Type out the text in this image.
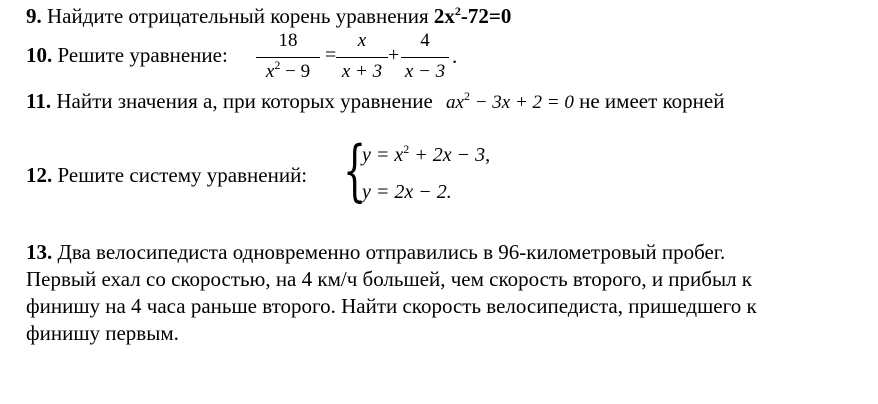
9. Найдите отрицательный корень уравнения $2x^2-72=0$
10. Решите уравнение:
18
$x^2 - 9$
=
x
x + 3
+
4
x − 3
.
11. Найти значения а, при которых уравнение $ax^2 - 3x + 2 = 0$ не имеет корней
12. Решите систему уравнений: {
$y = x^2 + 2x - 3$,
y = 2x − 2.
13. Два велосипедиста одновременно отправились в 96-километровый пробег.
Первый ехал со скоростью, на 4 км/ч большей, чем скорость второго, и прибыл к
финишу на 4 часа раньше второго. Найти скорость велосипедиста, пришедшего к
финишу первым.
